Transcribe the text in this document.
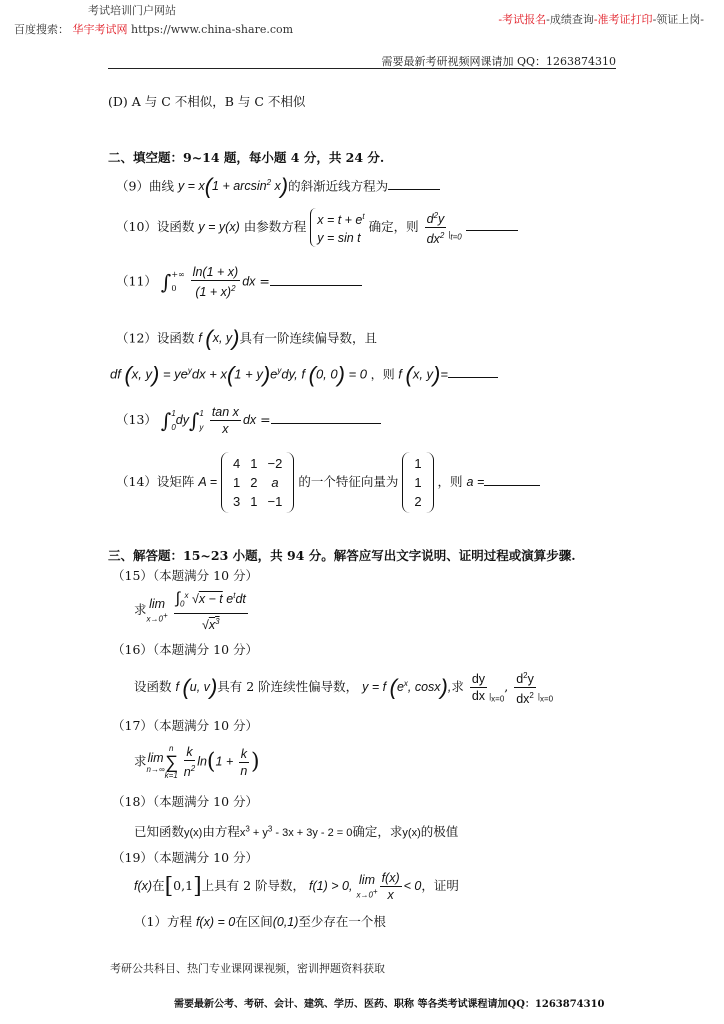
考试培训门户网站
百度搜索： 华宇考试网 https://www.china-share.com
-考试报名-成绩查询-准考证打印-领证上岗-
需要最新考研视频网课请加 QQ：1263874310
(D) A 与 C 不相似，B 与 C 不相似
二、填空题：9~14 题，每小题 4 分，共 24 分.
（9）曲线 $y = x(1 + \arcsin^2 x)$的斜渐近线方程为
（10）设函数 y = y(x) 由参数方程 $x = t + e^t$
y = sin t
确定，则 $\frac{d^2y}{dx^2} _{|_{t=0}}$
（11） ∫+∞
$0 \frac{\ln(1 + x)}{(1 + x)^2}$ dx =
（12）设函数 f (x, y)具有一阶连续偏导数，且
df (x, $y) = ye^ydx + x(1 + y)e^ydy$, f (0, 0) = 0 ，则 f (x, y)=
（13） ∫1
0dy∫1
y $\frac{\text{tan x}}{x}$ dx =
（14）设矩阵 A =
4	1	−2
1	2	a
3	1	−1
的一个特征向量为
1
1
2
，则 a =
三、解答题：15~23 小题，共 94 分。解答应写出文字说明、证明过程或演算步骤.
（15）（本题满分 10 分）
求 lim
x→0+
$\frac{\int_0^x √x - t e^tdt}{√x^3}$
（16）（本题满分 10 分）
设函数 f (u, v)具有 2 阶连续性偏导数， y = f ($e^x$, cosx),求 $\frac{dy}{dx} _{|_{x=0}}$, $\frac{d^2y}{dx^2} _{|_{x=0}}$
（17）（本题满分 10 分）
求 lim
n→∞
n
∑
k=1
$\frac{k}{n^2} \ln(1 + \frac{k}{n}$ )
（18）（本题满分 10 分）
已知函数y(x)由方程$x^3 + y^3 - 3x + 3y - 2 = 0$确定，求y(x)的极值
（19）（本题满分 10 分）
f(x)在[0,1]上具有 2 阶导数， f(1) > 0, lim
$x\to 0^+ \frac{f(x)}{x} < 0$，证明
（1）方程 f(x) = 0在区间(0,1)至少存在一个根
考研公共科目、热门专业课网课视频，密训押题资料获取
需要最新公考、考研、会计、建筑、学历、医药、职称 等各类考试课程请加QQ：1263874310
